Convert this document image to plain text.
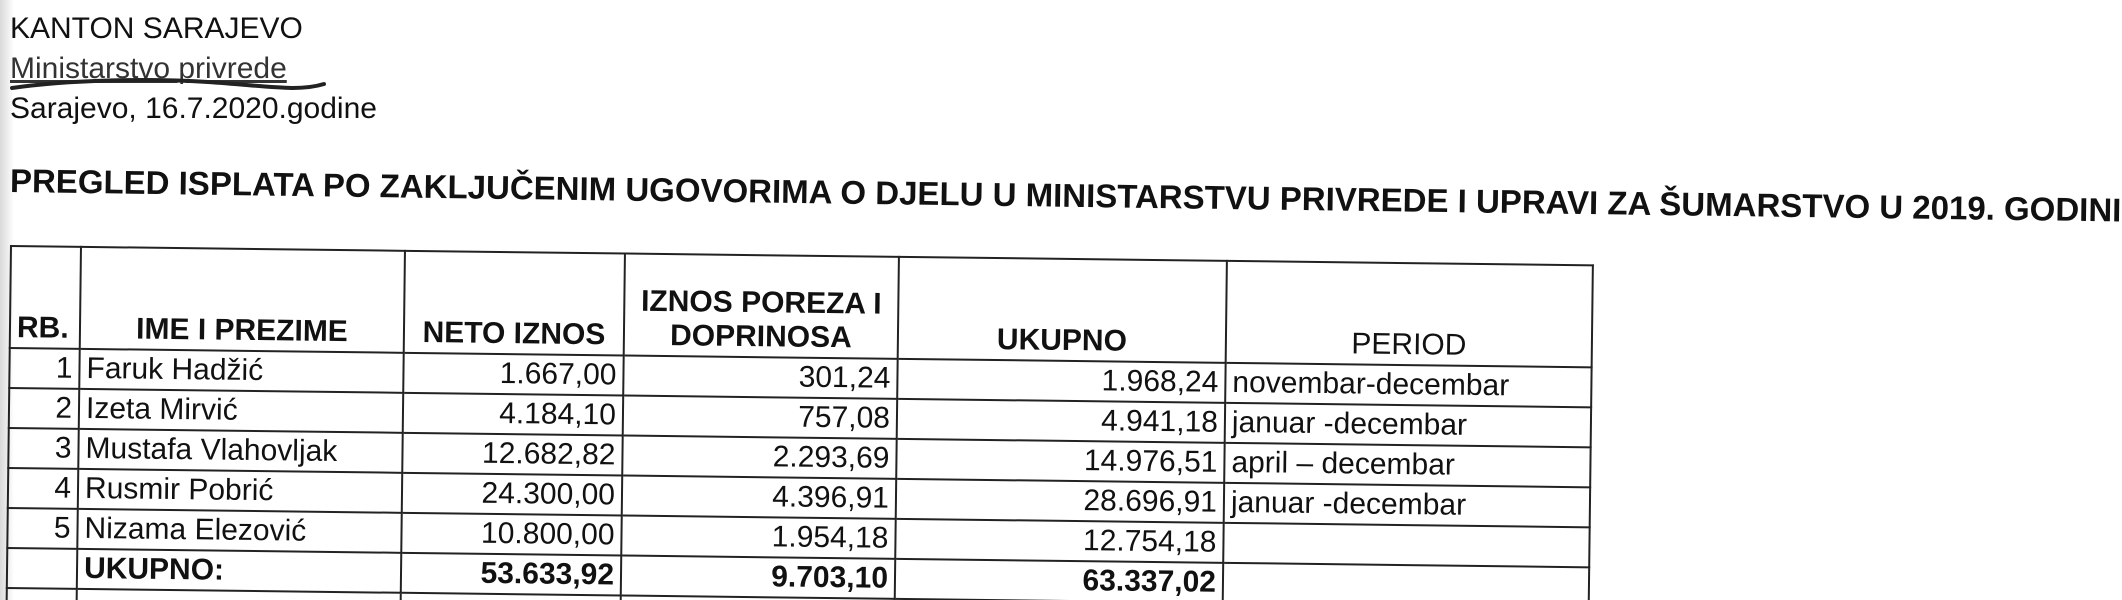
KANTON SARAJEVO
Ministarstvo privrede
Sarajevo, 16.7.2020.godine
PREGLED ISPLATA PO ZAKLJUČENIM UGOVORIMA O DJELU U MINISTARSTVU PRIVREDE I UPRAVI ZA ŠUMARSTVO U 2019. GODINI
RB.	IME I PREZIME	NETO IZNOS	IZNOS POREZA I DOPRINOSA	UKUPNO	PERIOD
1	Faruk Hadžić	1.667,00	301,24	1.968,24	novembar-decembar
2	Izeta Mirvić	4.184,10	757,08	4.941,18	januar -decembar
3	Mustafa Vlahovljak	12.682,82	2.293,69	14.976,51	april – decembar
4	Rusmir Pobrić	24.300,00	4.396,91	28.696,91	januar -decembar
5	Nizama Elezović	10.800,00	1.954,18	12.754,18	
	UKUPNO:	53.633,92	9.703,10	63.337,02	
